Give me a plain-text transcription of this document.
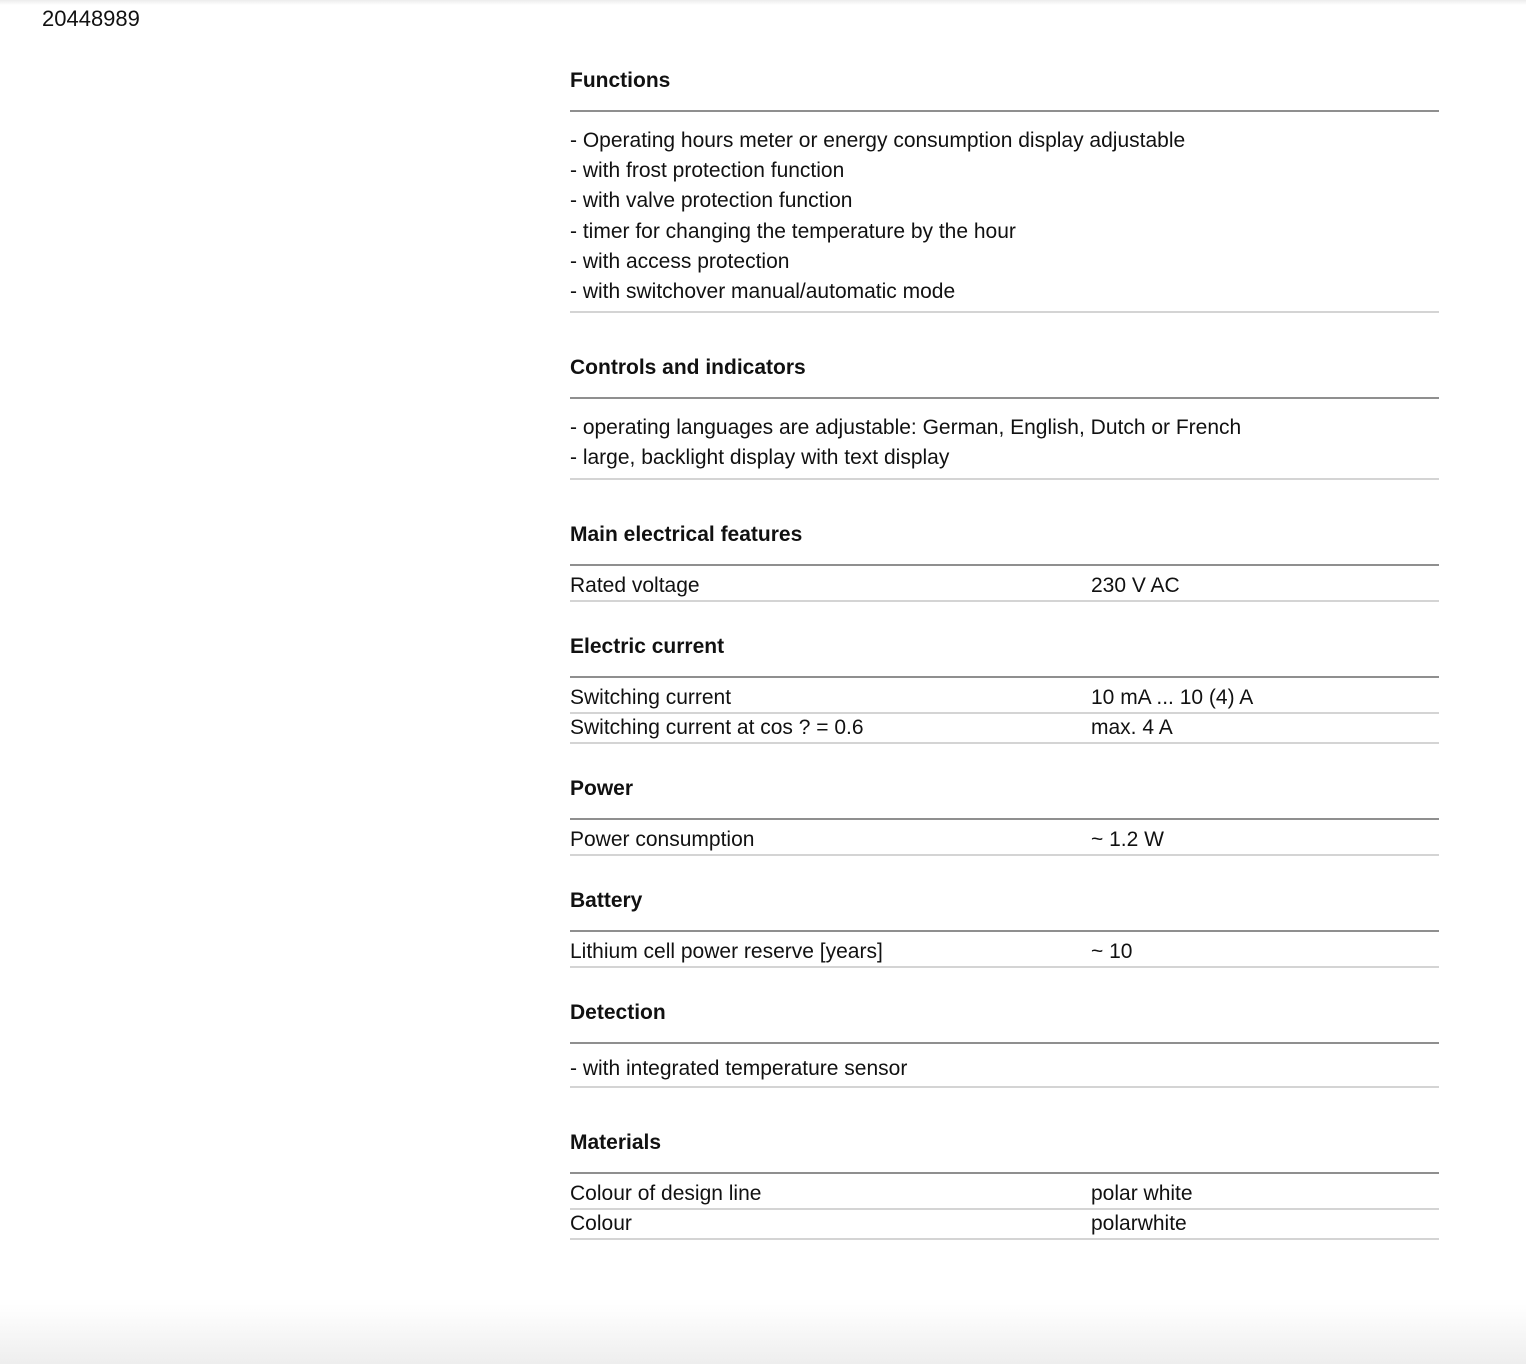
20448989
Functions
- Operating hours meter or energy consumption display adjustable
- with frost protection function
- with valve protection function
- timer for changing the temperature by the hour
- with access protection
- with switchover manual/automatic mode
Controls and indicators
- operating languages are adjustable: German, English, Dutch or French
- large, backlight display with text display
Main electrical features
Rated voltage	230 V AC
Electric current
Switching current	10 mA ... 10 (4) A
Switching current at cos ? = 0.6	max. 4 A
Power
Power consumption	~ 1.2 W
Battery
Lithium cell power reserve [years]	~ 10
Detection
- with integrated temperature sensor
Materials
Colour of design line	polar white
Colour	polarwhite
